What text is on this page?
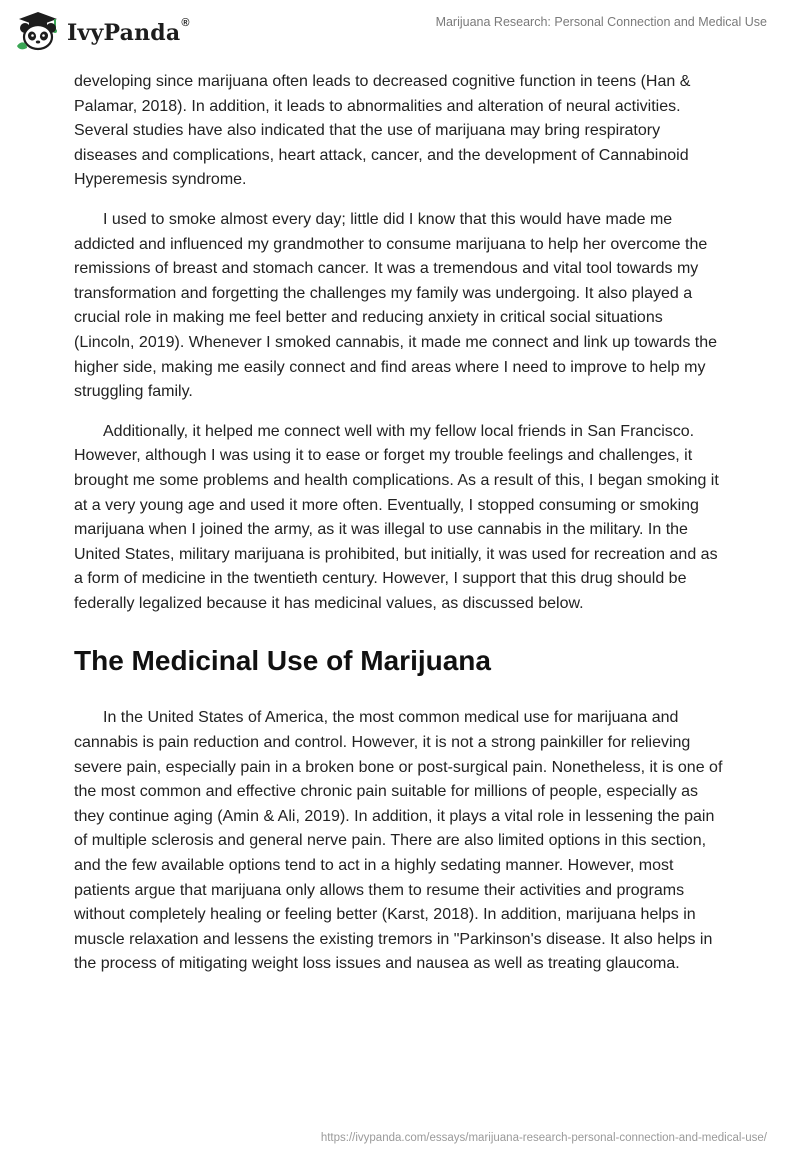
IvyPanda®	Marijuana Research: Personal Connection and Medical Use

developing since marijuana often leads to decreased cognitive function in teens (Han & Palamar, 2018). In addition, it leads to abnormalities and alteration of neural activities. Several studies have also indicated that the use of marijuana may bring respiratory diseases and complications, heart attack, cancer, and the development of Cannabinoid Hyperemesis syndrome.

I used to smoke almost every day; little did I know that this would have made me addicted and influenced my grandmother to consume marijuana to help her overcome the remissions of breast and stomach cancer. It was a tremendous and vital tool towards my transformation and forgetting the challenges my family was undergoing. It also played a crucial role in making me feel better and reducing anxiety in critical social situations (Lincoln, 2019). Whenever I smoked cannabis, it made me connect and link up towards the higher side, making me easily connect and find areas where I need to improve to help my struggling family.

Additionally, it helped me connect well with my fellow local friends in San Francisco. However, although I was using it to ease or forget my trouble feelings and challenges, it brought me some problems and health complications. As a result of this, I began smoking it at a very young age and used it more often. Eventually, I stopped consuming or smoking marijuana when I joined the army, as it was illegal to use cannabis in the military. In the United States, military marijuana is prohibited, but initially, it was used for recreation and as a form of medicine in the twentieth century. However, I support that this drug should be federally legalized because it has medicinal values, as discussed below.

The Medicinal Use of Marijuana

In the United States of America, the most common medical use for marijuana and cannabis is pain reduction and control. However, it is not a strong painkiller for relieving severe pain, especially pain in a broken bone or post-surgical pain. Nonetheless, it is one of the most common and effective chronic pain suitable for millions of people, especially as they continue aging (Amin & Ali, 2019). In addition, it plays a vital role in lessening the pain of multiple sclerosis and general nerve pain. There are also limited options in this section, and the few available options tend to act in a highly sedating manner. However, most patients argue that marijuana only allows them to resume their activities and programs without completely healing or feeling better (Karst, 2018). In addition, marijuana helps in muscle relaxation and lessens the existing tremors in "Parkinson's disease. It also helps in the process of mitigating weight loss issues and nausea as well as treating glaucoma.

https://ivypanda.com/essays/marijuana-research-personal-connection-and-medical-use/
